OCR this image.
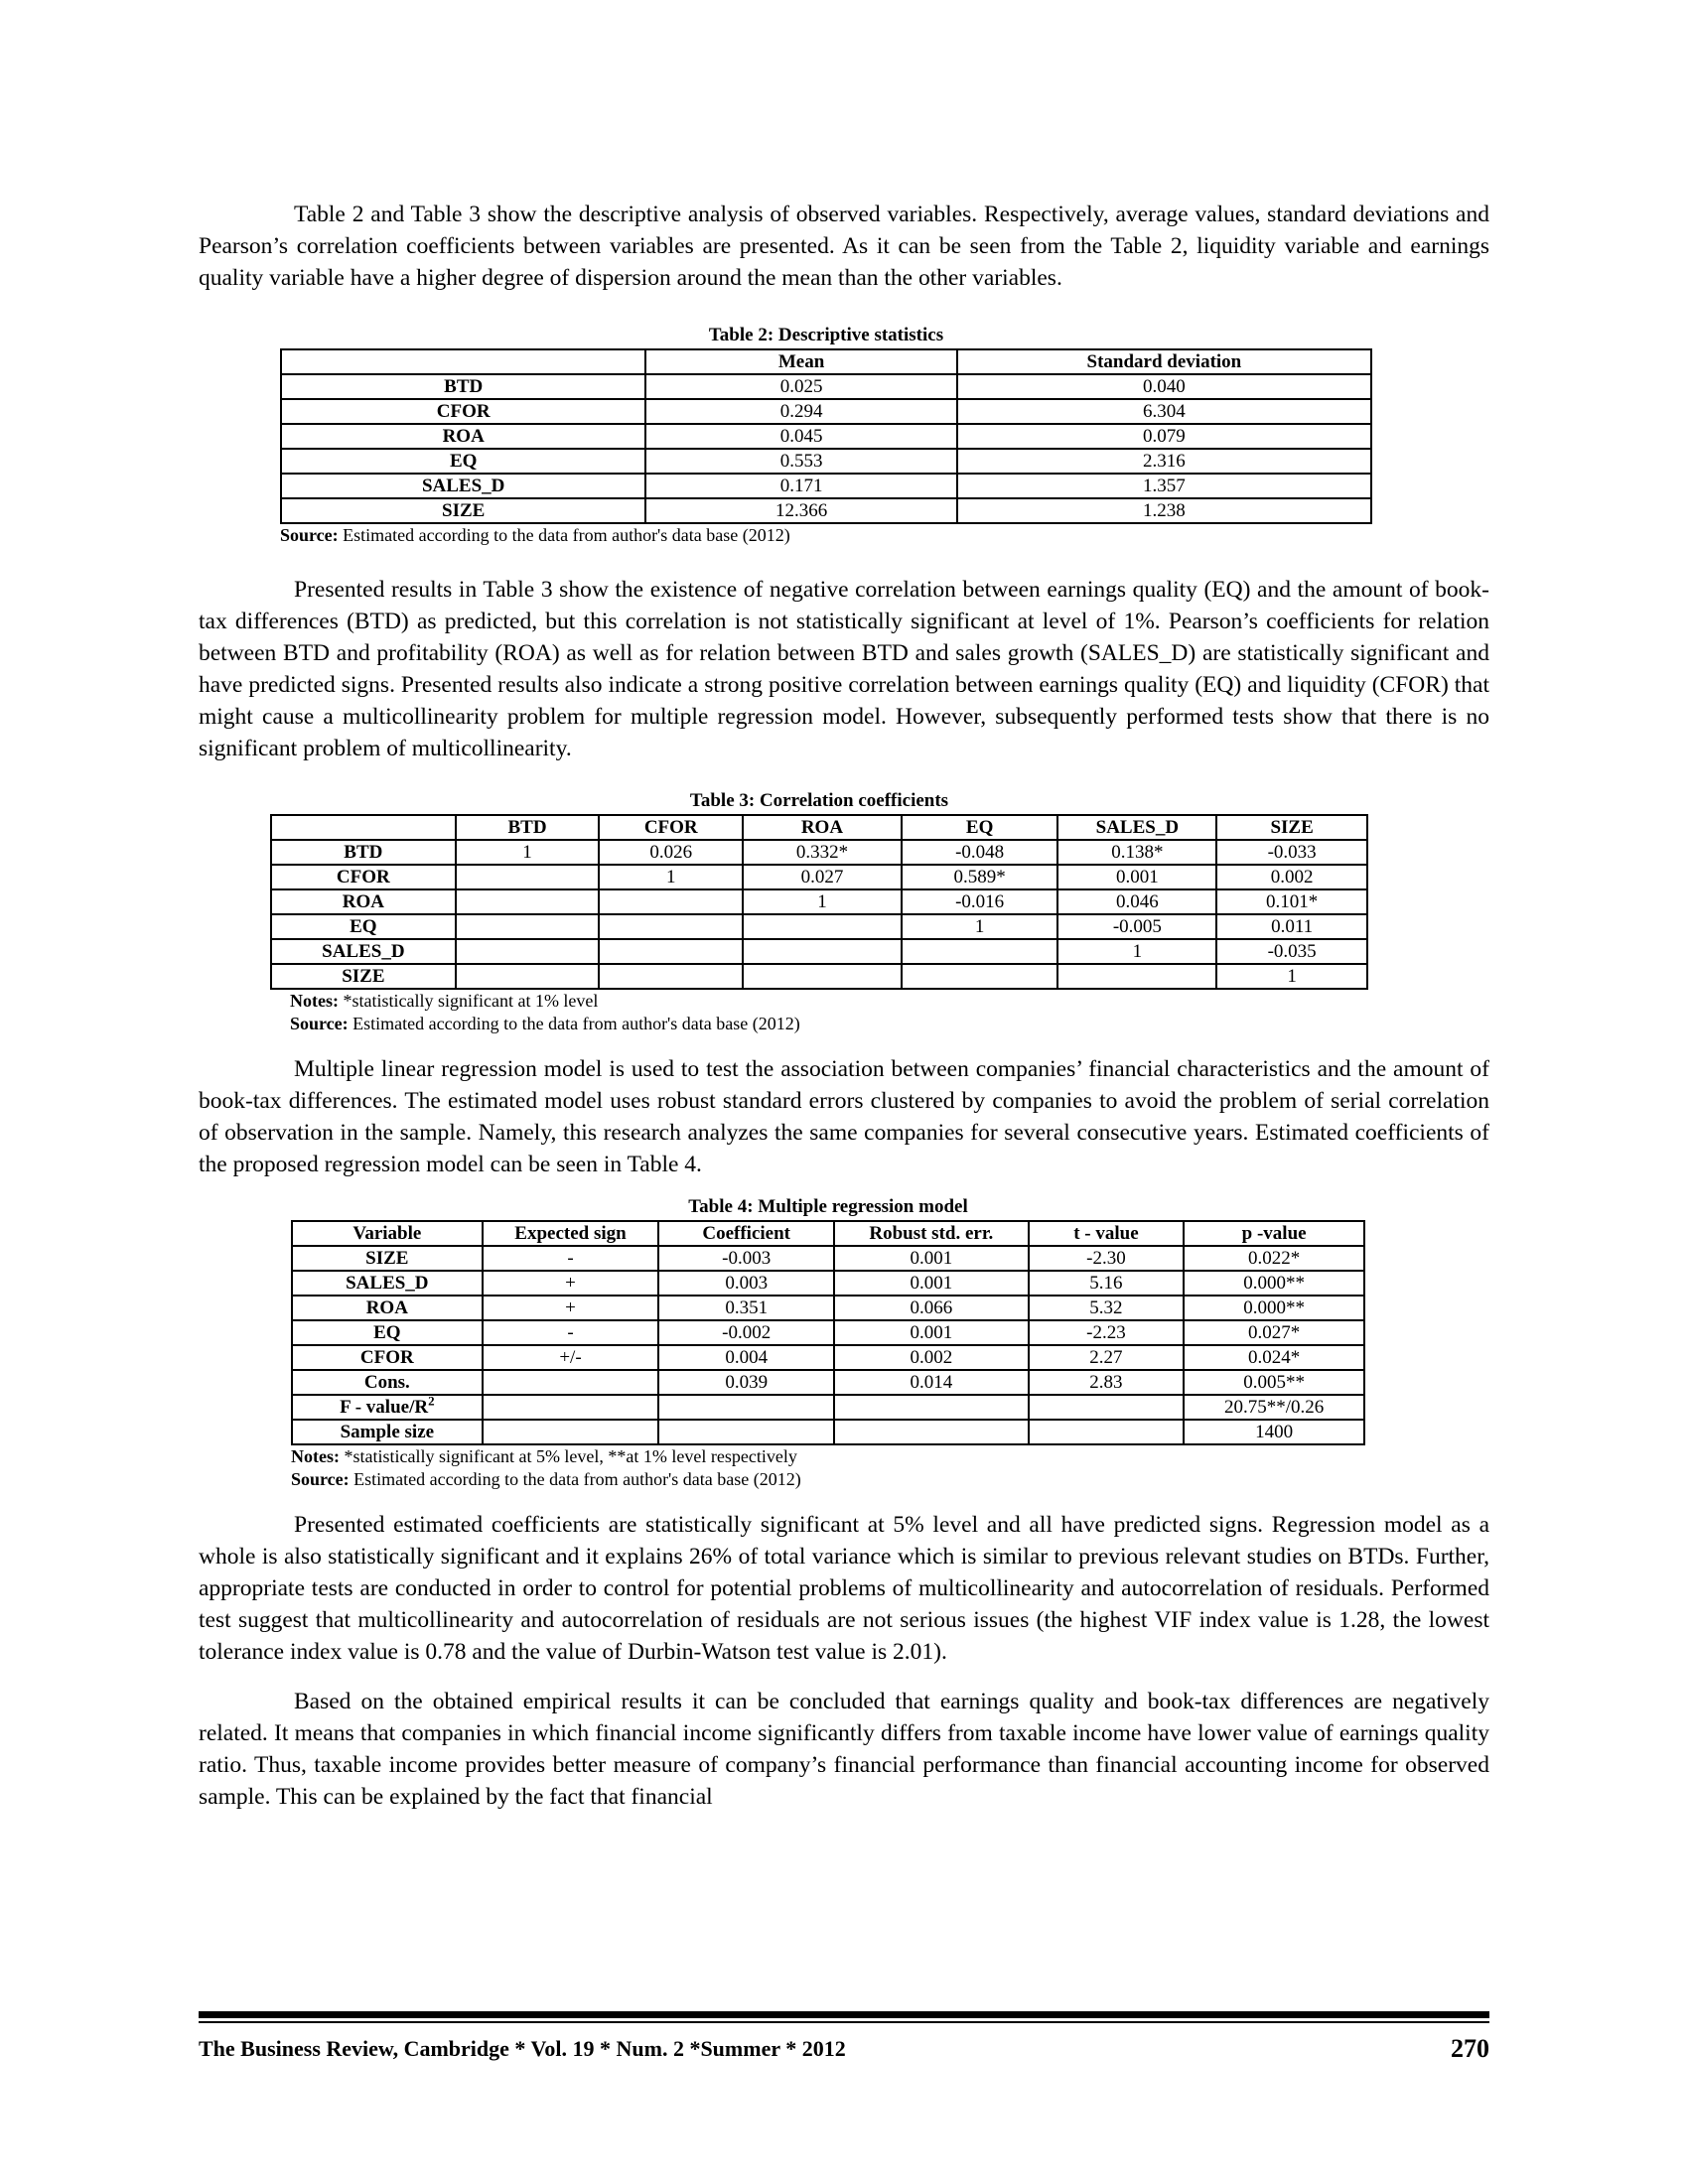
Table 2 and Table 3 show the descriptive analysis of observed variables. Respectively, average values, standard deviations and Pearson’s correlation coefficients between variables are presented. As it can be seen from the Table 2, liquidity variable and earnings quality variable have a higher degree of dispersion around the mean than the other variables.

Table 2: Descriptive statistics

	Mean	Standard deviation
BTD	0.025	0.040
CFOR	0.294	6.304
ROA	0.045	0.079
EQ	0.553	2.316
SALES_D	0.171	1.357
SIZE	12.366	1.238

Source: Estimated according to the data from author's data base (2012)

Presented results in Table 3 show the existence of negative correlation between earnings quality (EQ) and the amount of book-tax differences (BTD) as predicted, but this correlation is not statistically significant at level of 1%. Pearson’s coefficients for relation between BTD and profitability (ROA) as well as for relation between BTD and sales growth (SALES_D) are statistically significant and have predicted signs. Presented results also indicate a strong positive correlation between earnings quality (EQ) and liquidity (CFOR) that might cause a multicollinearity problem for multiple regression model. However, subsequently performed tests show that there is no significant problem of multicollinearity.

Table 3: Correlation coefficients

	BTD	CFOR	ROA	EQ	SALES_D	SIZE
BTD	1	0.026	0.332*	-0.048	0.138*	-0.033
CFOR		1	0.027	0.589*	0.001	0.002
ROA			1	-0.016	0.046	0.101*
EQ				1	-0.005	0.011
SALES_D					1	-0.035
SIZE						1

Notes: *statistically significant at 1% level

Source: Estimated according to the data from author's data base (2012)

Multiple linear regression model is used to test the association between companies’ financial characteristics and the amount of book-tax differences. The estimated model uses robust standard errors clustered by companies to avoid the problem of serial correlation of observation in the sample. Namely, this research analyzes the same companies for several consecutive years. Estimated coefficients of the proposed regression model can be seen in Table 4.

Table 4: Multiple regression model

Variable	Expected sign	Coefficient	Robust std. err.	t - value	p -value
SIZE	-	-0.003	0.001	-2.30	0.022*
SALES_D	+	0.003	0.001	5.16	0.000**
ROA	+	0.351	0.066	5.32	0.000**
EQ	-	-0.002	0.001	-2.23	0.027*
CFOR	+/-	0.004	0.002	2.27	0.024*
Cons.		0.039	0.014	2.83	0.005**
F - value/$R^2$					20.75**/0.26
Sample size					1400

Notes: *statistically significant at 5% level, **at 1% level respectively

Source: Estimated according to the data from author's data base (2012)

Presented estimated coefficients are statistically significant at 5% level and all have predicted signs. Regression model as a whole is also statistically significant and it explains 26% of total variance which is similar to previous relevant studies on BTDs. Further, appropriate tests are conducted in order to control for potential problems of multicollinearity and autocorrelation of residuals. Performed test suggest that multicollinearity and autocorrelation of residuals are not serious issues (the highest VIF index value is 1.28, the lowest tolerance index value is 0.78 and the value of Durbin-Watson test value is 2.01).

Based on the obtained empirical results it can be concluded that earnings quality and book-tax differences are negatively related. It means that companies in which financial income significantly differs from taxable income have lower value of earnings quality ratio. Thus, taxable income provides better measure of company’s financial performance than financial accounting income for observed sample. This can be explained by the fact that financial

The Business Review, Cambridge * Vol. 19 * Num. 2 *Summer * 2012	270
